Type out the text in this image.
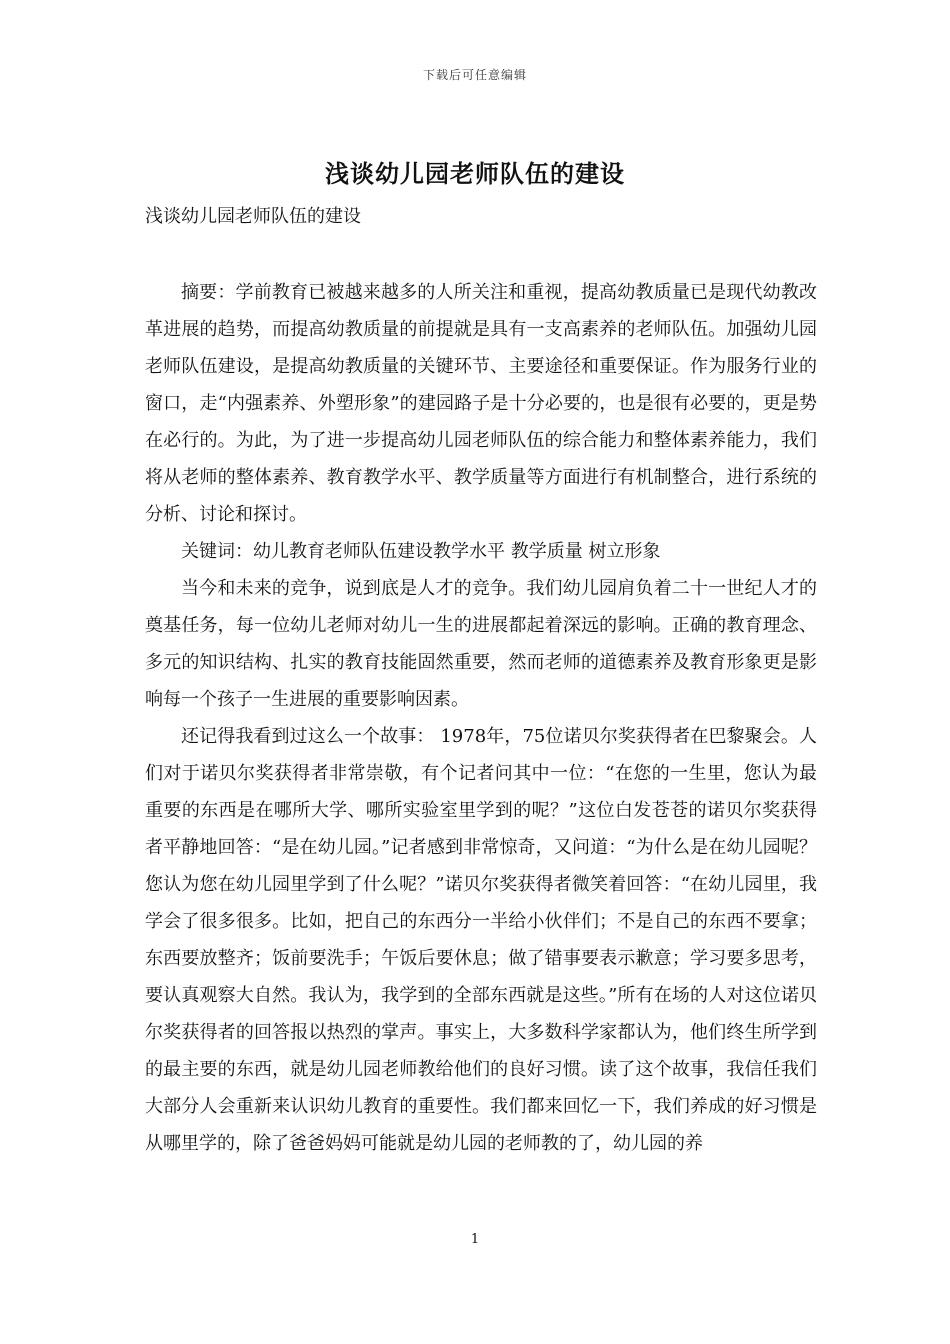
下载后可任意编辑
浅谈幼儿园老师队伍的建设
浅谈幼儿园老师队伍的建设

摘要：学前教育已被越来越多的人所关注和重视，提高幼教质量已是现代幼教改革进展的趋势，而提高幼教质量的前提就是具有一支高素养的老师队伍。加强幼儿园老师队伍建设，是提高幼教质量的关键环节、主要途径和重要保证。作为服务行业的窗口，走“内强素养、外塑形象”的建园路子是十分必要的，也是很有必要的，更是势在必行的。为此，为了进一步提高幼儿园老师队伍的综合能力和整体素养能力，我们将从老师的整体素养、教育教学水平、教学质量等方面进行有机制整合，进行系统的分析、讨论和探讨。

关键词：幼儿教育老师队伍建设教学水平 教学质量 树立形象

当今和未来的竞争，说到底是人才的竞争。我们幼儿园肩负着二十一世纪人才的奠基任务，每一位幼儿老师对幼儿一生的进展都起着深远的影响。正确的教育理念、多元的知识结构、扎实的教育技能固然重要，然而老师的道德素养及教育形象更是影响每一个孩子一生进展的重要影响因素。

还记得我看到过这么一个故事： 1978年，75位诺贝尔奖获得者在巴黎聚会。人们对于诺贝尔奖获得者非常崇敬，有个记者问其中一位：“在您的一生里，您认为最重要的东西是在哪所大学、哪所实验室里学到的呢？”这位白发苍苍的诺贝尔奖获得者平静地回答：“是在幼儿园。”记者感到非常惊奇，又问道：“为什么是在幼儿园呢？您认为您在幼儿园里学到了什么呢？”诺贝尔奖获得者微笑着回答：“在幼儿园里，我学会了很多很多。比如，把自己的东西分一半给小伙伴们；不是自己的东西不要拿；东西要放整齐；饭前要洗手；午饭后要休息；做了错事要表示歉意；学习要多思考，要认真观察大自然。我认为，我学到的全部东西就是这些。”所有在场的人对这位诺贝尔奖获得者的回答报以热烈的掌声。事实上，大多数科学家都认为，他们终生所学到的最主要的东西，就是幼儿园老师教给他们的良好习惯。读了这个故事，我信任我们大部分人会重新来认识幼儿教育的重要性。我们都来回忆一下，我们养成的好习惯是从哪里学的，除了爸爸妈妈可能就是幼儿园的老师教的了，幼儿园的养

1
